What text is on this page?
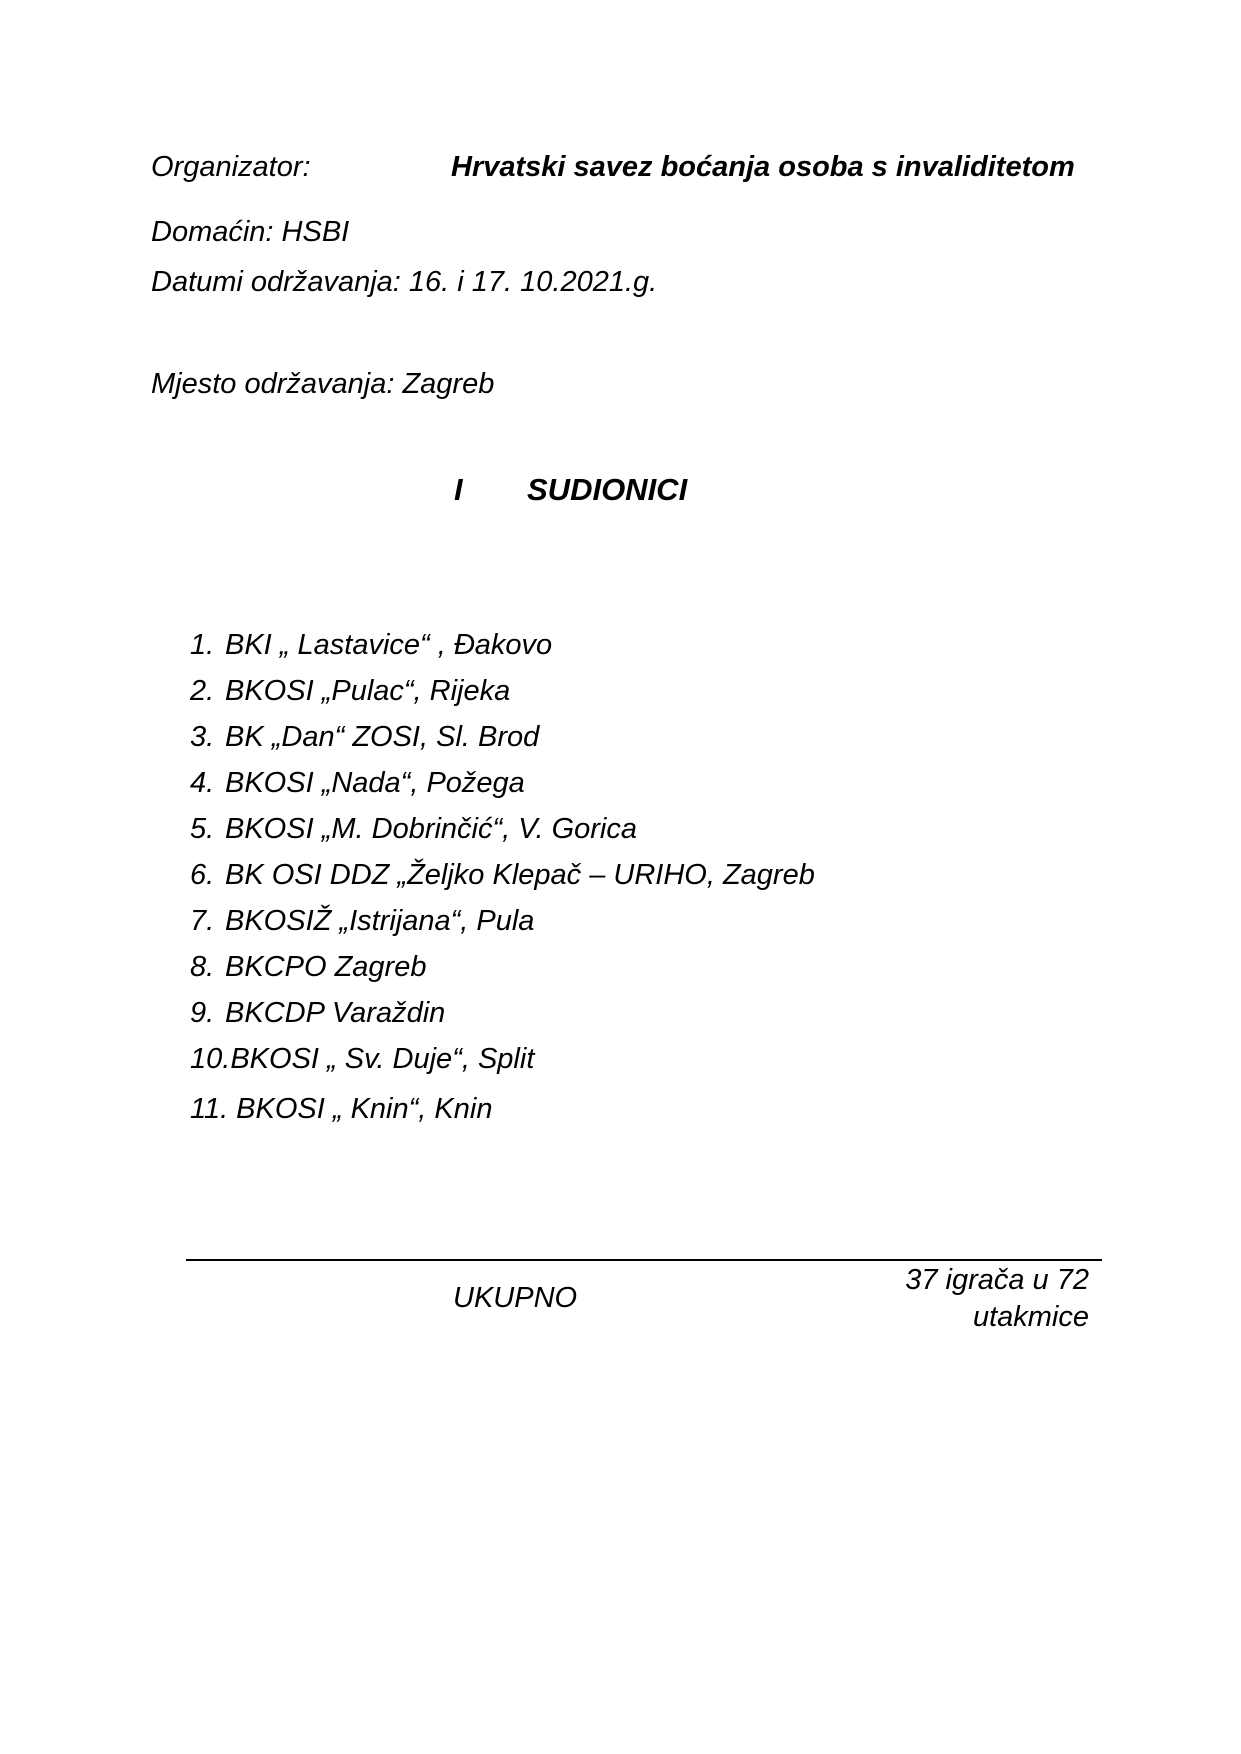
Organizator:	Hrvatski savez boćanja osoba s invaliditetom
Domaćin: HSBI
Datumi održavanja: 16. i 17. 10.2021.g.
Mjesto održavanja: Zagreb
I SUDIONICI
1. BKI „ Lastavice“ , Đakovo
2. BKOSI „Pulac“, Rijeka
3. BK „Dan“ ZOSI, Sl. Brod
4. BKOSI „Nada“, Požega
5. BKOSI „M. Dobrinčić“, V. Gorica
6. BK OSI DDZ „Željko Klepač – URIHO, Zagreb
7. BKOSIŽ „Istrijana“, Pula
8. BKCPO Zagreb
9. BKCDP Varaždin
10.BKOSI „ Sv. Duje“, Split
11. BKOSI „ Knin“, Knin
UKUPNO
37 igrača u 72
utakmice
